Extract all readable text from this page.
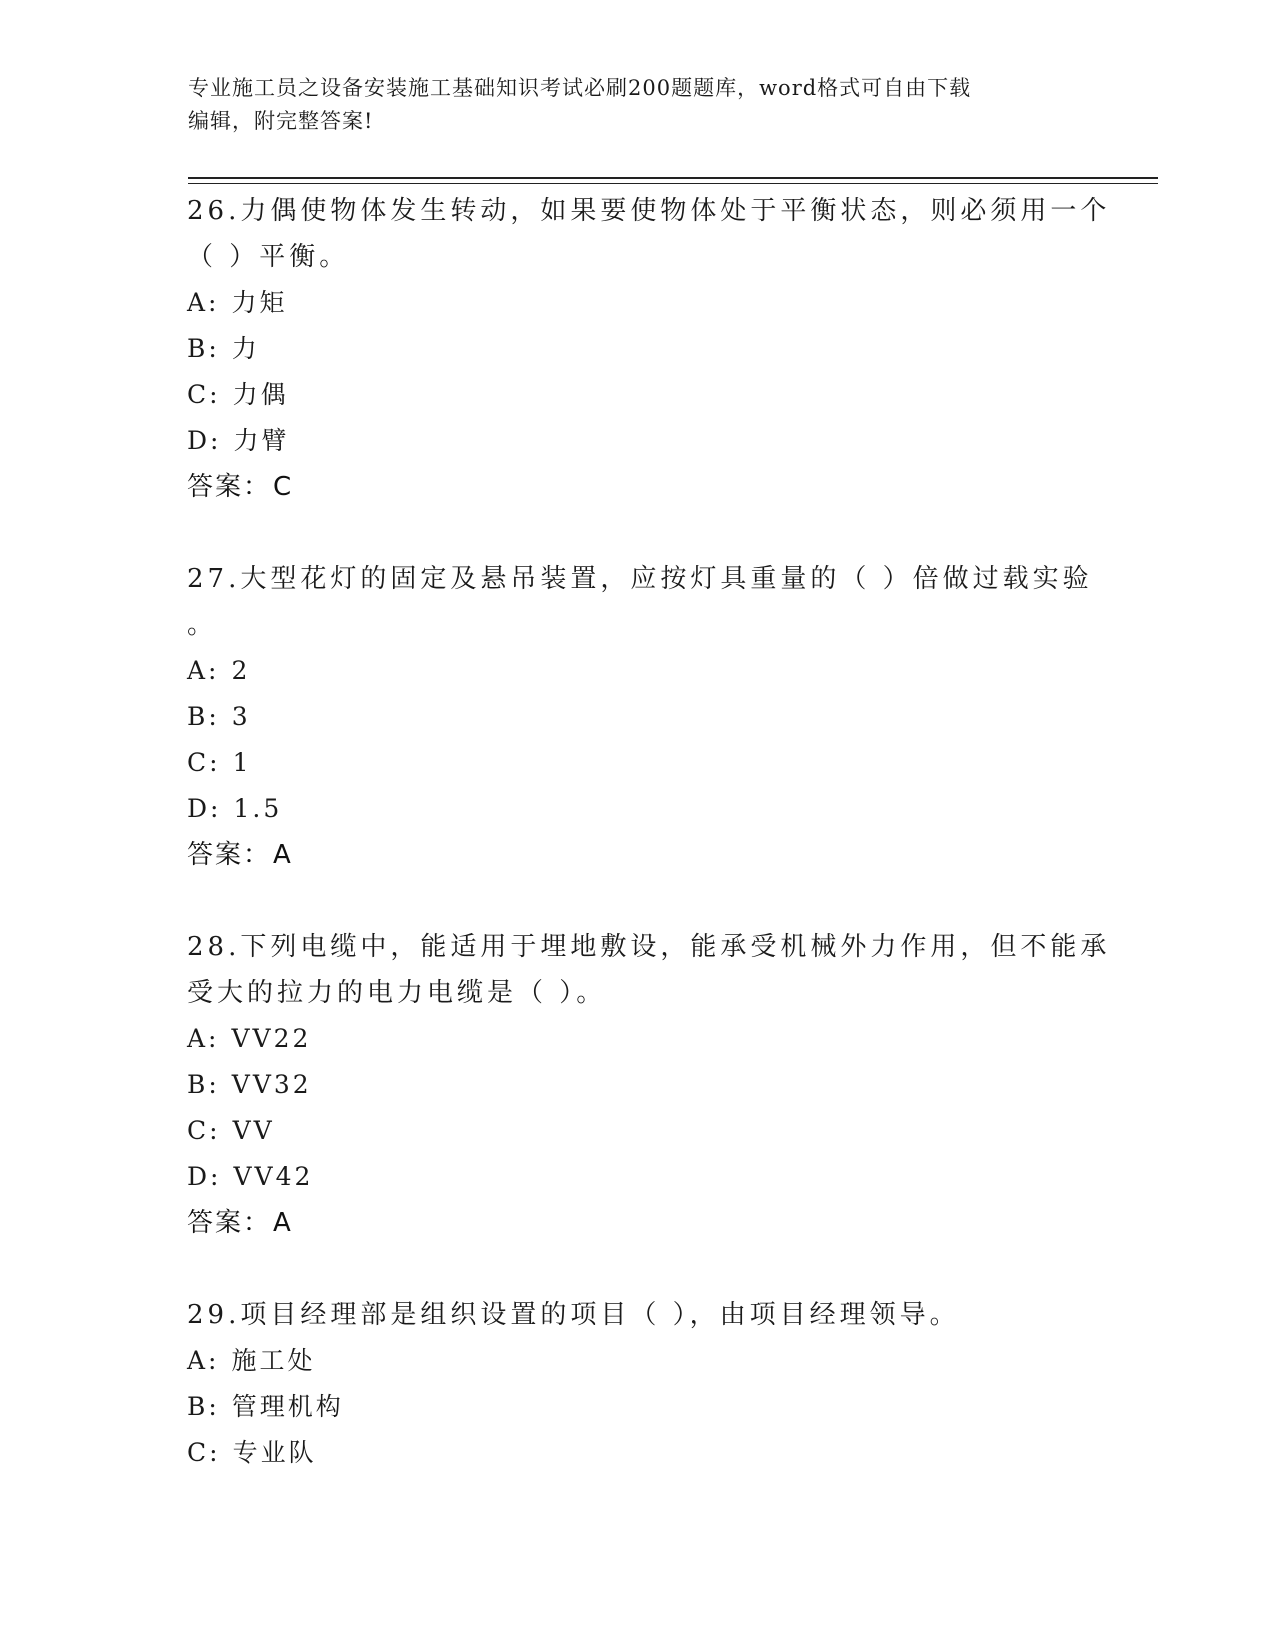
专业施工员之设备安装施工基础知识考试必刷200题题库，word格式可自由下载
编辑，附完整答案!
26.力偶使物体发生转动，如果要使物体处于平衡状态，则必须用一个
（ ）平衡。
A: 力矩
B: 力
C: 力偶
D: 力臂
答案：C
27.大型花灯的固定及悬吊装置，应按灯具重量的（ ）倍做过载实验
。
A: 2
B: 3
C: 1
D: 1.5
答案：A
28.下列电缆中，能适用于埋地敷设，能承受机械外力作用，但不能承
受大的拉力的电力电缆是（ ）。
A: VV22
B: VV32
C: VV
D: VV42
答案：A
29.项目经理部是组织设置的项目（ ），由项目经理领导。
A: 施工处
B: 管理机构
C: 专业队
